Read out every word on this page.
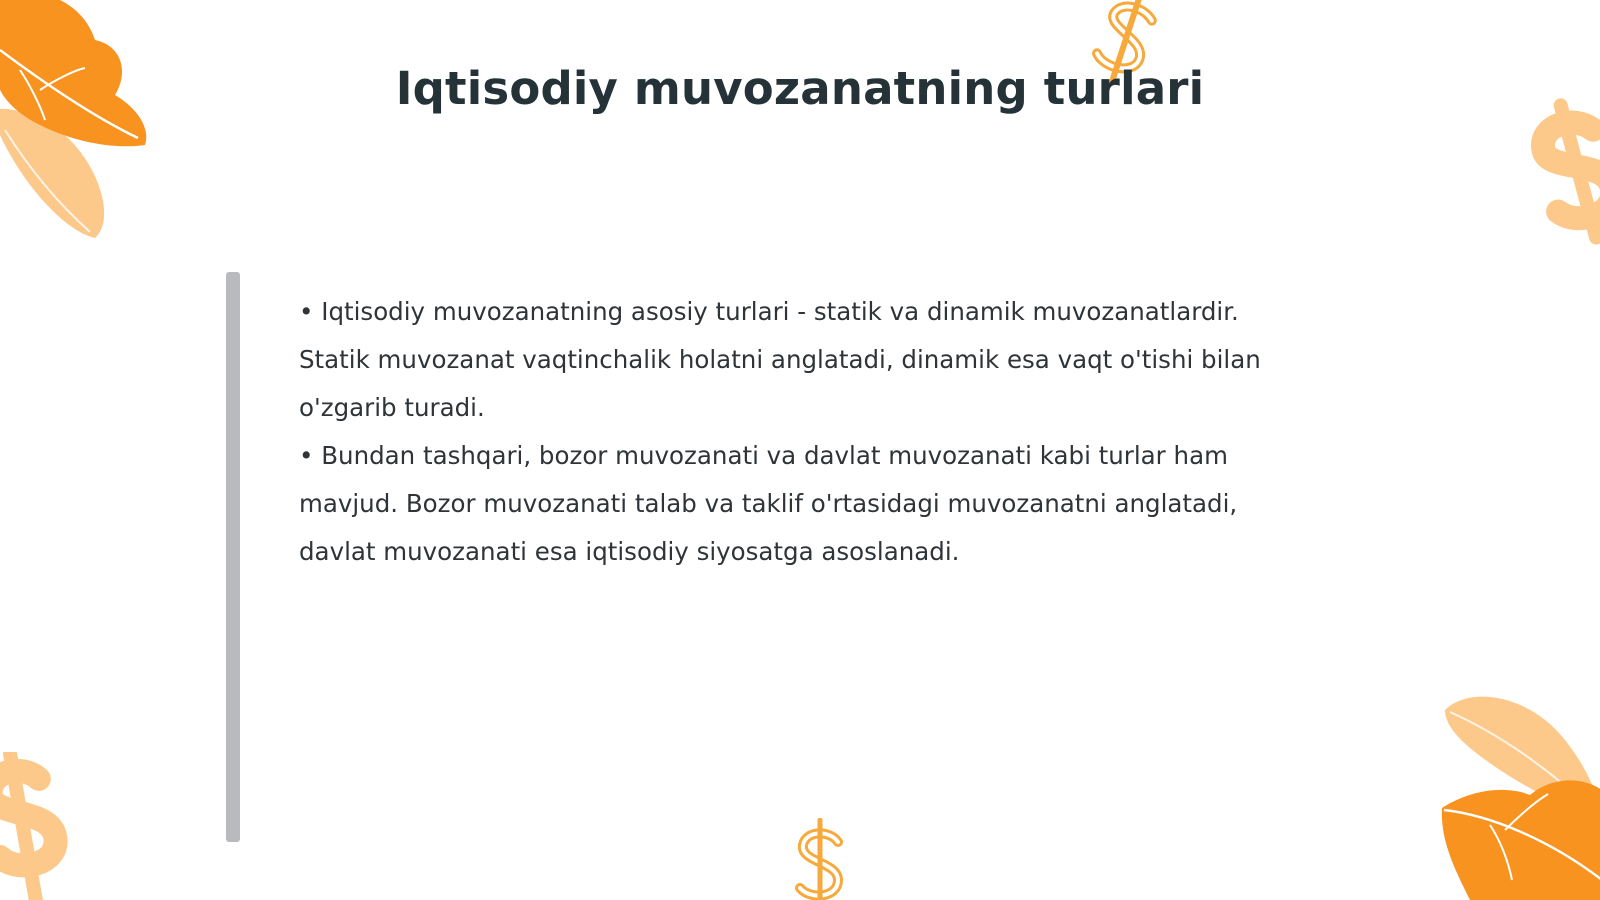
Iqtisodiy muvozanatning turlari

• Iqtisodiy muvozanatning asosiy turlari - statik va dinamik muvozanatlardir. Statik muvozanat vaqtinchalik holatni anglatadi, dinamik esa vaqt o'tishi bilan o'zgarib turadi.

• Bundan tashqari, bozor muvozanati va davlat muvozanati kabi turlar ham mavjud. Bozor muvozanati talab va taklif o'rtasidagi muvozanatni anglatadi, davlat muvozanati esa iqtisodiy siyosatga asoslanadi.
